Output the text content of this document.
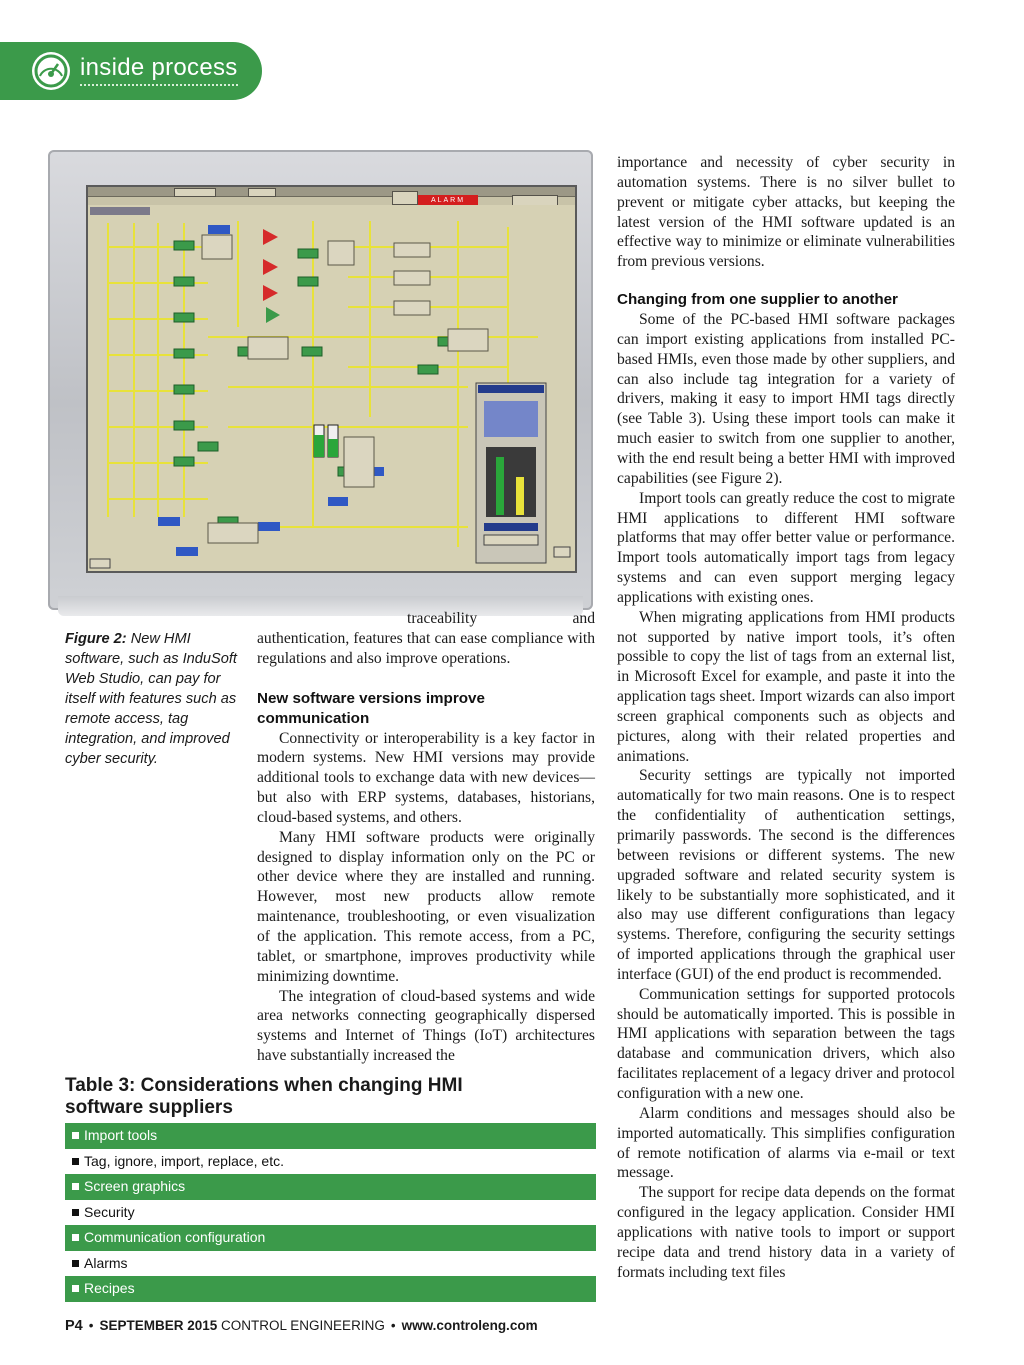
inside process
ALARM
Figure 2: New HMI software, such as InduSoft Web Studio, can pay for itself with features such as remote access, tag integration, and improved cyber security.

traceability and authentication, features that can ease compliance with regulations and also improve operations.

New software versions improve communication

Connectivity or interoperability is a key factor in modern systems. New HMI versions may provide additional tools to exchange data with new devices—but also with ERP systems, databases, historians, cloud-based systems, and others.

Many HMI software products were originally designed to display information only on the PC or other device where they are installed and running. However, most new products allow remote maintenance, troubleshooting, or even visualization of the application. This remote access, from a PC, tablet, or smartphone, improves productivity while minimizing downtime.

The integration of cloud-based systems and wide area networks connecting geographically dispersed systems and Internet of Things (IoT) architectures have substantially increased the

importance and necessity of cyber security in automation systems. There is no silver bullet to prevent or mitigate cyber attacks, but keeping the latest version of the HMI software updated is an effective way to minimize or eliminate vulnerabilities from previous versions.

Changing from one supplier to another

Some of the PC-based HMI software packages can import existing applications from installed PC-based HMIs, even those made by other suppliers, and can also include tag integration for a variety of drivers, making it easy to import HMI tags directly (see Table 3). Using these import tools can make it much easier to switch from one supplier to another, with the end result being a better HMI with improved capabilities (see Figure 2).

Import tools can greatly reduce the cost to migrate HMI applications to different HMI software platforms that may offer better value or performance. Import tools automatically import tags from legacy systems and can even support merging legacy applications with existing ones.

When migrating applications from HMI products not supported by native import tools, it’s often possible to copy the list of tags from an external list, in Microsoft Excel for example, and paste it into the application tags sheet. Import wizards can also import screen graphical components such as objects and pictures, along with their related properties and animations.

Security settings are typically not imported automatically for two main reasons. One is to respect the confidentiality of authentication settings, primarily passwords. The second is the differences between revisions or different systems. The new upgraded software and related security system is likely to be substantially more sophisticated, and it also may use different configurations than legacy systems. Therefore, configuring the security settings of imported applications through the graphical user interface (GUI) of the end product is recommended.

Communication settings for supported protocols should be automatically imported. This is possible in HMI applications with separation between the tags database and communication drivers, which also facilitates replacement of a legacy driver and protocol configuration with a new one.

Alarm conditions and messages should also be imported automatically. This simplifies configuration of remote notification of alarms via e-mail or text message.

The support for recipe data depends on the format configured in the legacy application. Consider HMI applications with native tools to import or support recipe data and trend history data in a variety of formats including text files

Table 3: Considerations when changing HMI software suppliers
Import tools
Tag, ignore, import, replace, etc.
Screen graphics
Security
Communication configuration
Alarms
Recipes
P4 • SEPTEMBER 2015 CONTROL ENGINEERING • www.controleng.com
